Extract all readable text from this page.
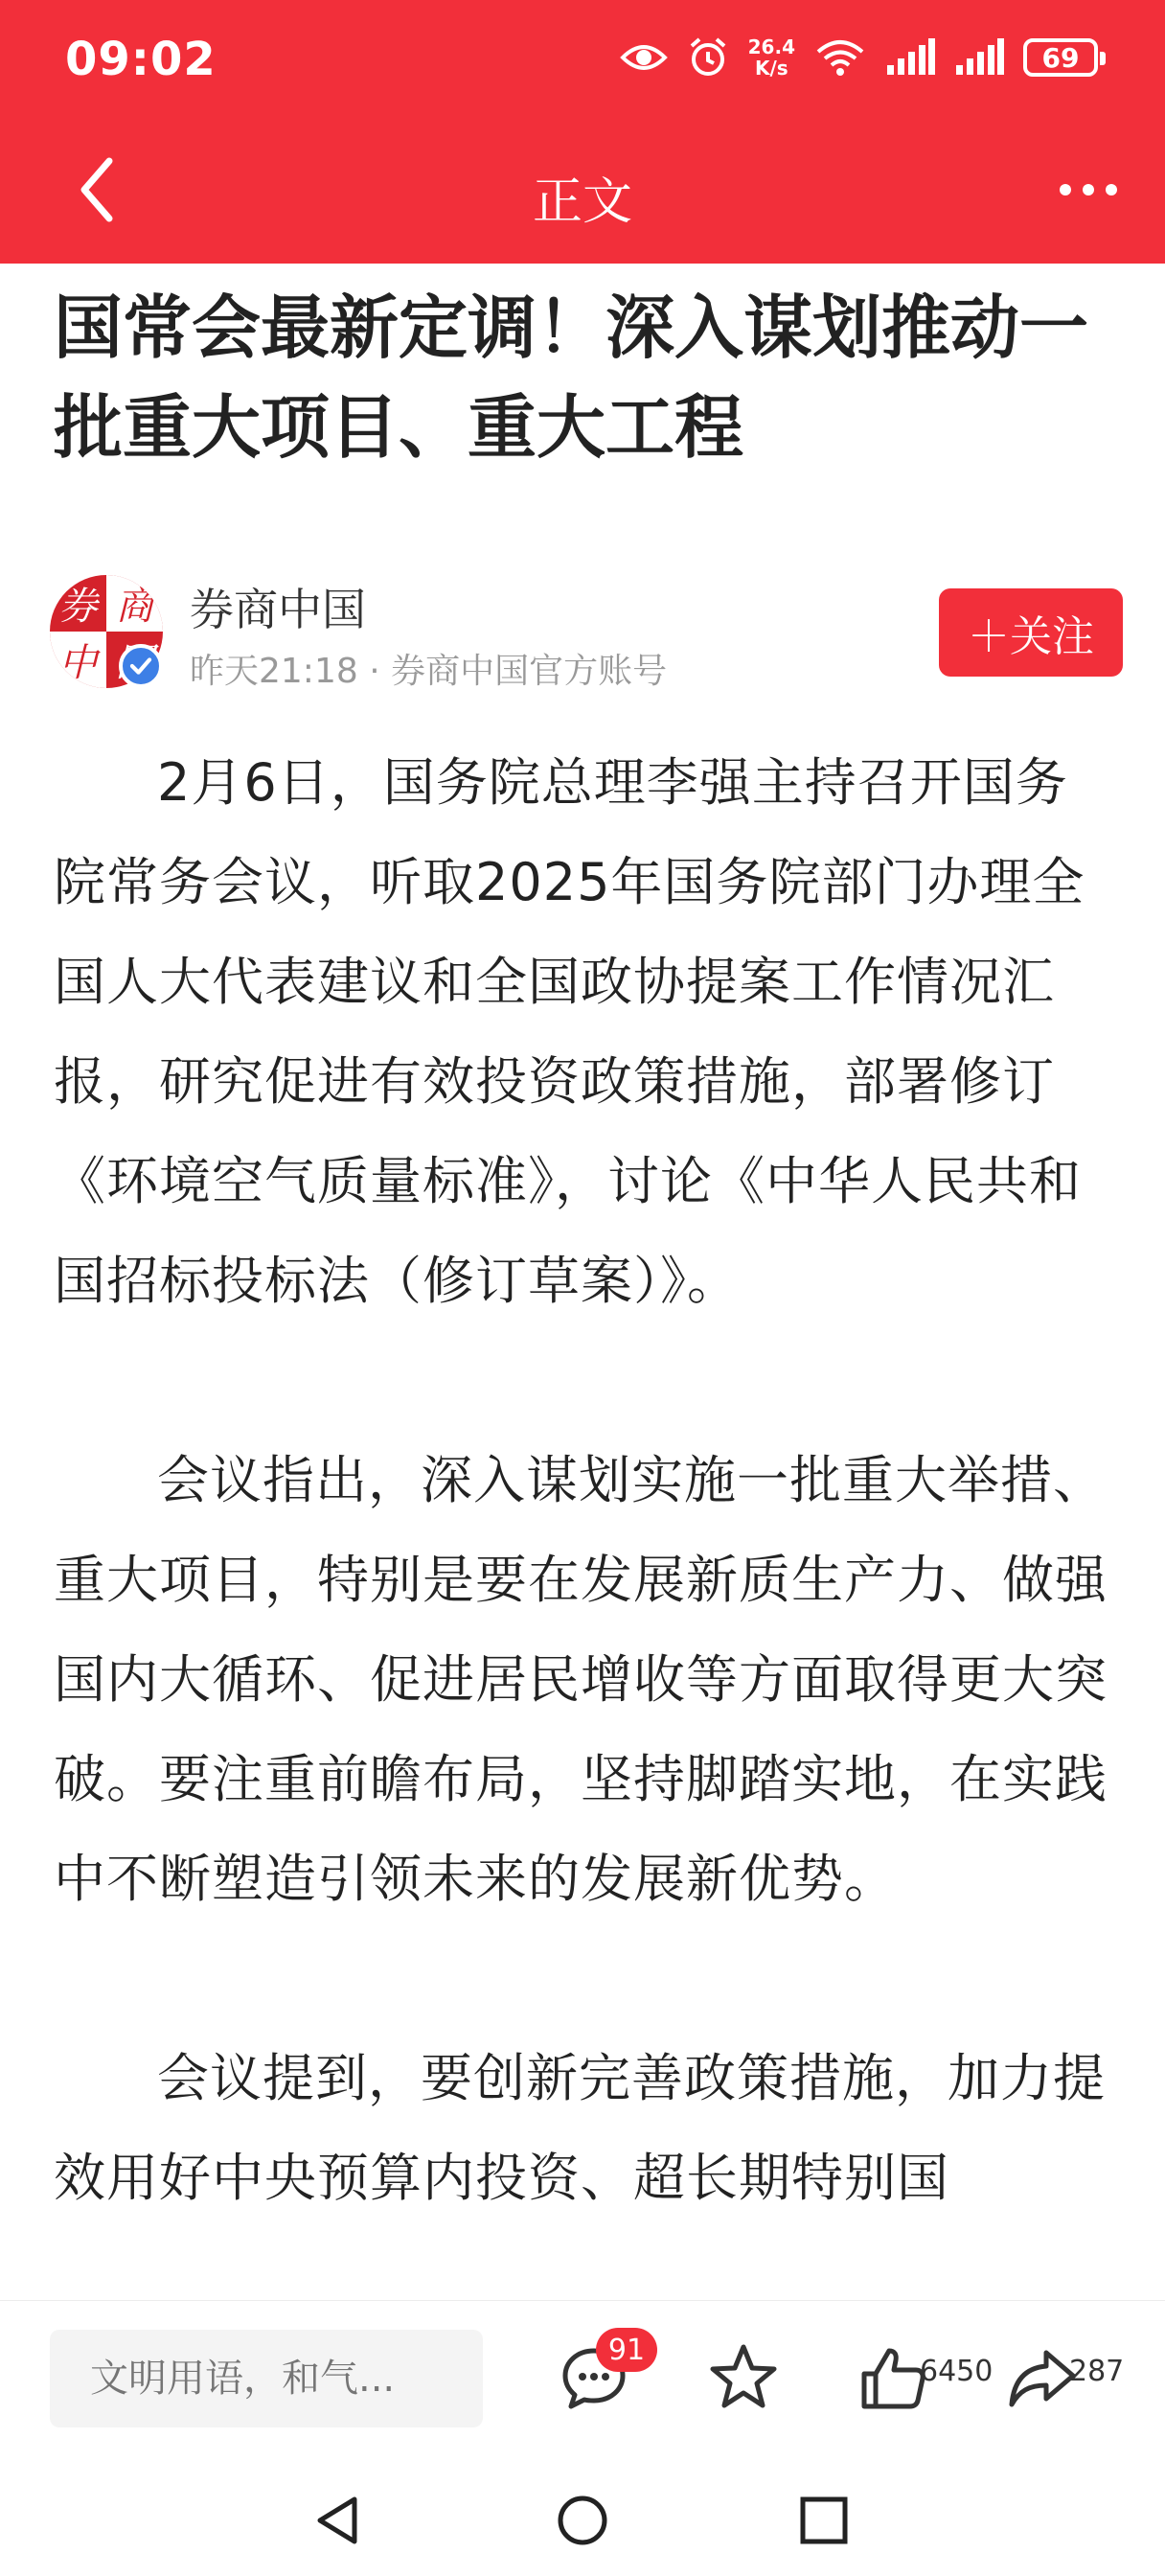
09:02	26.4
K/s	69
正文
国常会最新定调！深入谋划推动一批重大项目、重大工程
券 商
中 国
券商中国
昨天21:18 · 券商中国官方账号
＋关注

2月6日，国务院总理李强主持召开国务院常务会议，听取2025年国务院部门办理全国人大代表建议和全国政协提案工作情况汇报，研究促进有效投资政策措施，部署修订《环境空气质量标准》，讨论《中华人民共和国招标投标法（修订草案）》。

会议指出，深入谋划实施一批重大举措、重大项目，特别是要在发展新质生产力、做强国内大循环、促进居民增收等方面取得更大突破。要注重前瞻布局，坚持脚踏实地，在实践中不断塑造引领未来的发展新优势。

会议提到，要创新完善政策措施，加力提效用好中央预算内投资、超长期特别国

文明用语，和气...
91
6450	287
